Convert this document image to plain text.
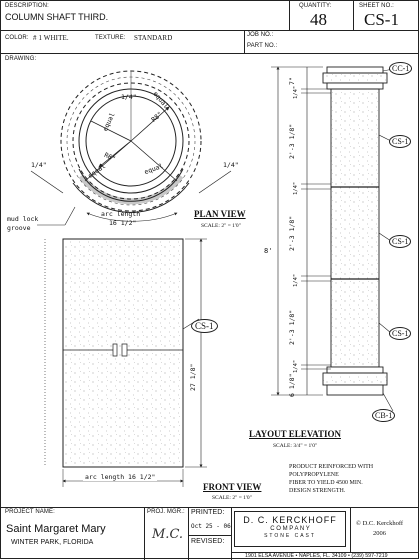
DESCRIPTION:
COLUMN SHAFT THIRD.
QUANTITY:
48
SHEET NO.:
CS-1
COLOR: # 1 WHITE.	TEXTURE: STANDARD	JOB NO.:
PART NO.:
DRAWING:
1/4"
R8"
R6"
equal
equal
equal	equal
1/4"	1/4"
arc length
16 1/2"
mud lock
groove
PLAN VIEW
SCALE: 2" = 1'0"
CS-1
27 1/8"
arc length 16 1/2"
FRONT VIEW
SCALE: 2" = 1'0"
8'
7"
1/4"
2'-3 1/8"
1/4"
2'-3 1/8"
1/4"
2'-3 1/8"
1/4"
6 1/8"
CC-1
CS-1
CS-1
CS-1
CB-1
LAYOUT ELEVATION
SCALE: 3/4" = 1'0"
PRODUCT REINFORCED WITH
POLYPROPYLENE
FIBER TO YIELD 4500 MIN.
DESIGN STRENGTH.
PROJECT NAME:
Saint Margaret Mary
WINTER PARK, FLORIDA
PROJ. MGR.:
M.C.
PRINTED:
Oct 25 - 06
REVISED:
D. C. KERCKHOFF
C O M P A N Y
STONE CAST
© D.C. Kerckhoff
2006
1901 ELSA AVENUE • NAPLES, FL. 34109 • (239) 597-7219
